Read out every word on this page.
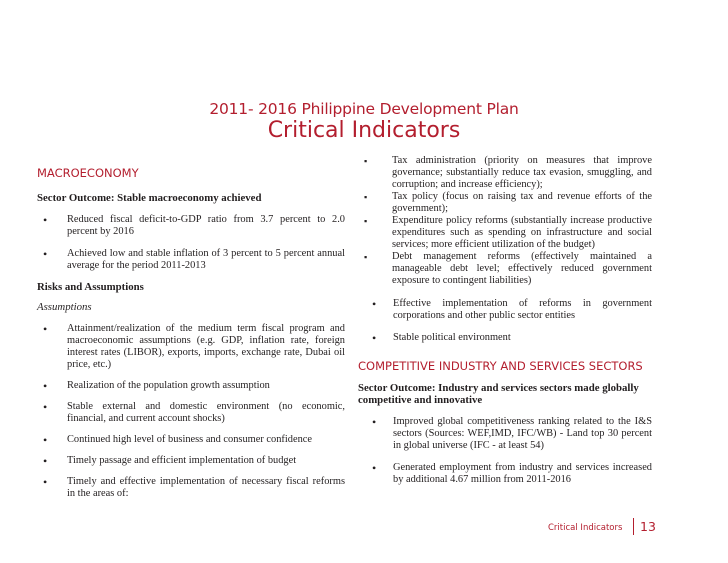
2011- 2016 Philippine Development Plan
Critical Indicators
MACROECONOMY
Sector Outcome: Stable macroeconomy achieved
• Reduced fiscal deficit-to-GDP ratio from 3.7 percent to 2.0 percent by 2016
• Achieved low and stable inflation of 3 percent to 5 percent annual average for the period 2011-2013
Risks and Assumptions
Assumptions
• Attainment/realization of the medium term fiscal program and macroeconomic assumptions (e.g. GDP, inflation rate, foreign interest rates (LIBOR), exports, imports, exchange rate, Dubai oil price, etc.)
• Realization of the population growth assumption
• Stable external and domestic environment (no economic, financial, and current account shocks)
• Continued high level of business and consumer confidence
• Timely passage and efficient implementation of budget
• Timely and effective implementation of necessary fiscal reforms in the areas of:
▪ Tax administration (priority on measures that improve governance; substantially reduce tax evasion, smuggling, and corruption; and increase efficiency);
▪ Tax policy (focus on raising tax and revenue efforts of the government);
▪ Expenditure policy reforms (substantially increase productive expenditures such as spending on infrastructure and social services; more efficient utilization of the budget)
▪ Debt management reforms (effectively maintained a manageable debt level; effectively reduced government exposure to contingent liabilities)
• Effective implementation of reforms in government corporations and other public sector entities
• Stable political environment
COMPETITIVE INDUSTRY AND SERVICES SECTORS
Sector Outcome: Industry and services sectors made globally competitive and innovative
• Improved global competitiveness ranking related to the I&S sectors (Sources: WEF,IMD, IFC/WB) - Land top 30 percent in global universe (IFC - at least 54)
• Generated employment from industry and services increased by additional 4.67 million from 2011-2016
Critical Indicators 13
